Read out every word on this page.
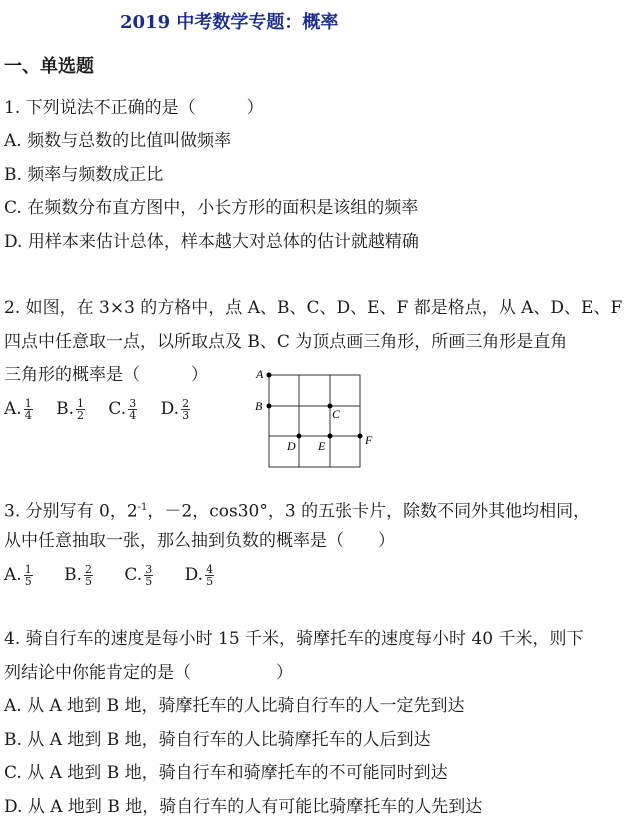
2019 中考数学专题：概率
一、单选题
1. 下列说法不正确的是（　　　）
A. 频数与总数的比值叫做频率
B. 频率与频数成正比
C. 在频数分布直方图中，小长方形的面积是该组的频率
D. 用样本来估计总体，样本越大对总体的估计就越精确
2. 如图，在 3×3 的方格中，点 A、B、C、D、E、F 都是格点，从 A、D、E、F
四点中任意取一点，以所取点及 B、C 为顶点画三角形，所画三角形是直角
三角形的概率是（　　　）
A. $\frac{1}{4} B$. $\frac{1}{2} C$. $\frac{3}{4} D$. $\frac{2}{3}$
A
B
C
D E	F
3. 分别写有 0，$2^{-1}$，－2，cos30°，3 的五张卡片，除数不同外其他均相同，
从中任意抽取一张，那么抽到负数的概率是（　　）
A. $\frac{1}{5} B$. $\frac{2}{5} C$. $\frac{3}{5} D$. $\frac{4}{5}$
4. 骑自行车的速度是每小时 15 千米，骑摩托车的速度每小时 40 千米，则下
列结论中你能肯定的是（　　　　　）
A. 从 A 地到 B 地，骑摩托车的人比骑自行车的人一定先到达
B. 从 A 地到 B 地，骑自行车的人比骑摩托车的人后到达
C. 从 A 地到 B 地，骑自行车和骑摩托车的不可能同时到达
D. 从 A 地到 B 地，骑自行车的人有可能比骑摩托车的人先到达
